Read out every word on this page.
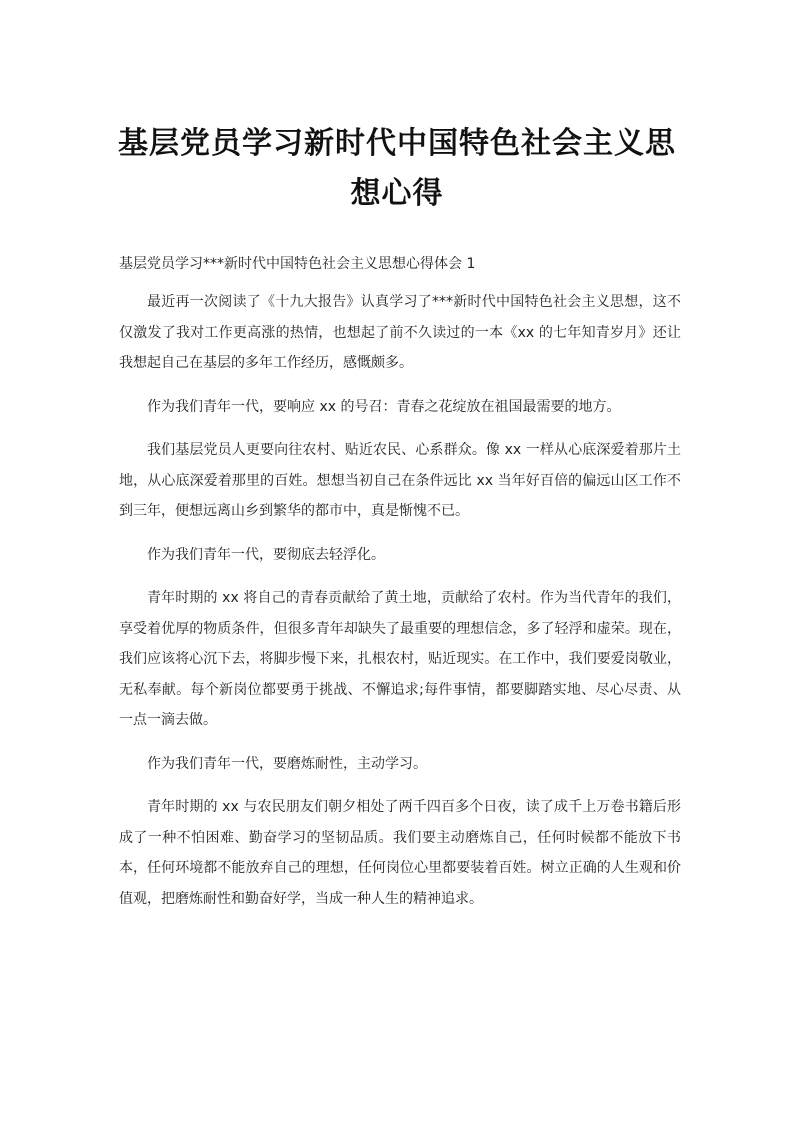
基层党员学习新时代中国特色社会主义思
想心得
基层党员学习***新时代中国特色社会主义思想心得体会 1

最近再一次阅读了《十九大报告》认真学习了***新时代中国特色社会主义思想，这不仅激发了我对工作更高涨的热情，也想起了前不久读过的一本《xx 的七年知青岁月》还让我想起自己在基层的多年工作经历，感慨颇多。

作为我们青年一代，要响应 xx 的号召：青春之花绽放在祖国最需要的地方。

我们基层党员人更要向往农村、贴近农民、心系群众。像 xx 一样从心底深爱着那片土地，从心底深爱着那里的百姓。想想当初自己在条件远比 xx 当年好百倍的偏远山区工作不到三年，便想远离山乡到繁华的都市中，真是惭愧不已。

作为我们青年一代，要彻底去轻浮化。

青年时期的 xx 将自己的青春贡献给了黄土地，贡献给了农村。作为当代青年的我们，享受着优厚的物质条件，但很多青年却缺失了最重要的理想信念，多了轻浮和虚荣。现在，我们应该将心沉下去，将脚步慢下来，扎根农村，贴近现实。在工作中，我们要爱岗敬业，无私奉献。每个新岗位都要勇于挑战、不懈追求;每件事情，都要脚踏实地、尽心尽责、从一点一滴去做。

作为我们青年一代，要磨炼耐性，主动学习。

青年时期的 xx 与农民朋友们朝夕相处了两千四百多个日夜，读了成千上万卷书籍后形成了一种不怕困难、勤奋学习的坚韧品质。我们要主动磨炼自己，任何时候都不能放下书本，任何环境都不能放弃自己的理想，任何岗位心里都要装着百姓。树立正确的人生观和价值观，把磨炼耐性和勤奋好学，当成一种人生的精神追求。
